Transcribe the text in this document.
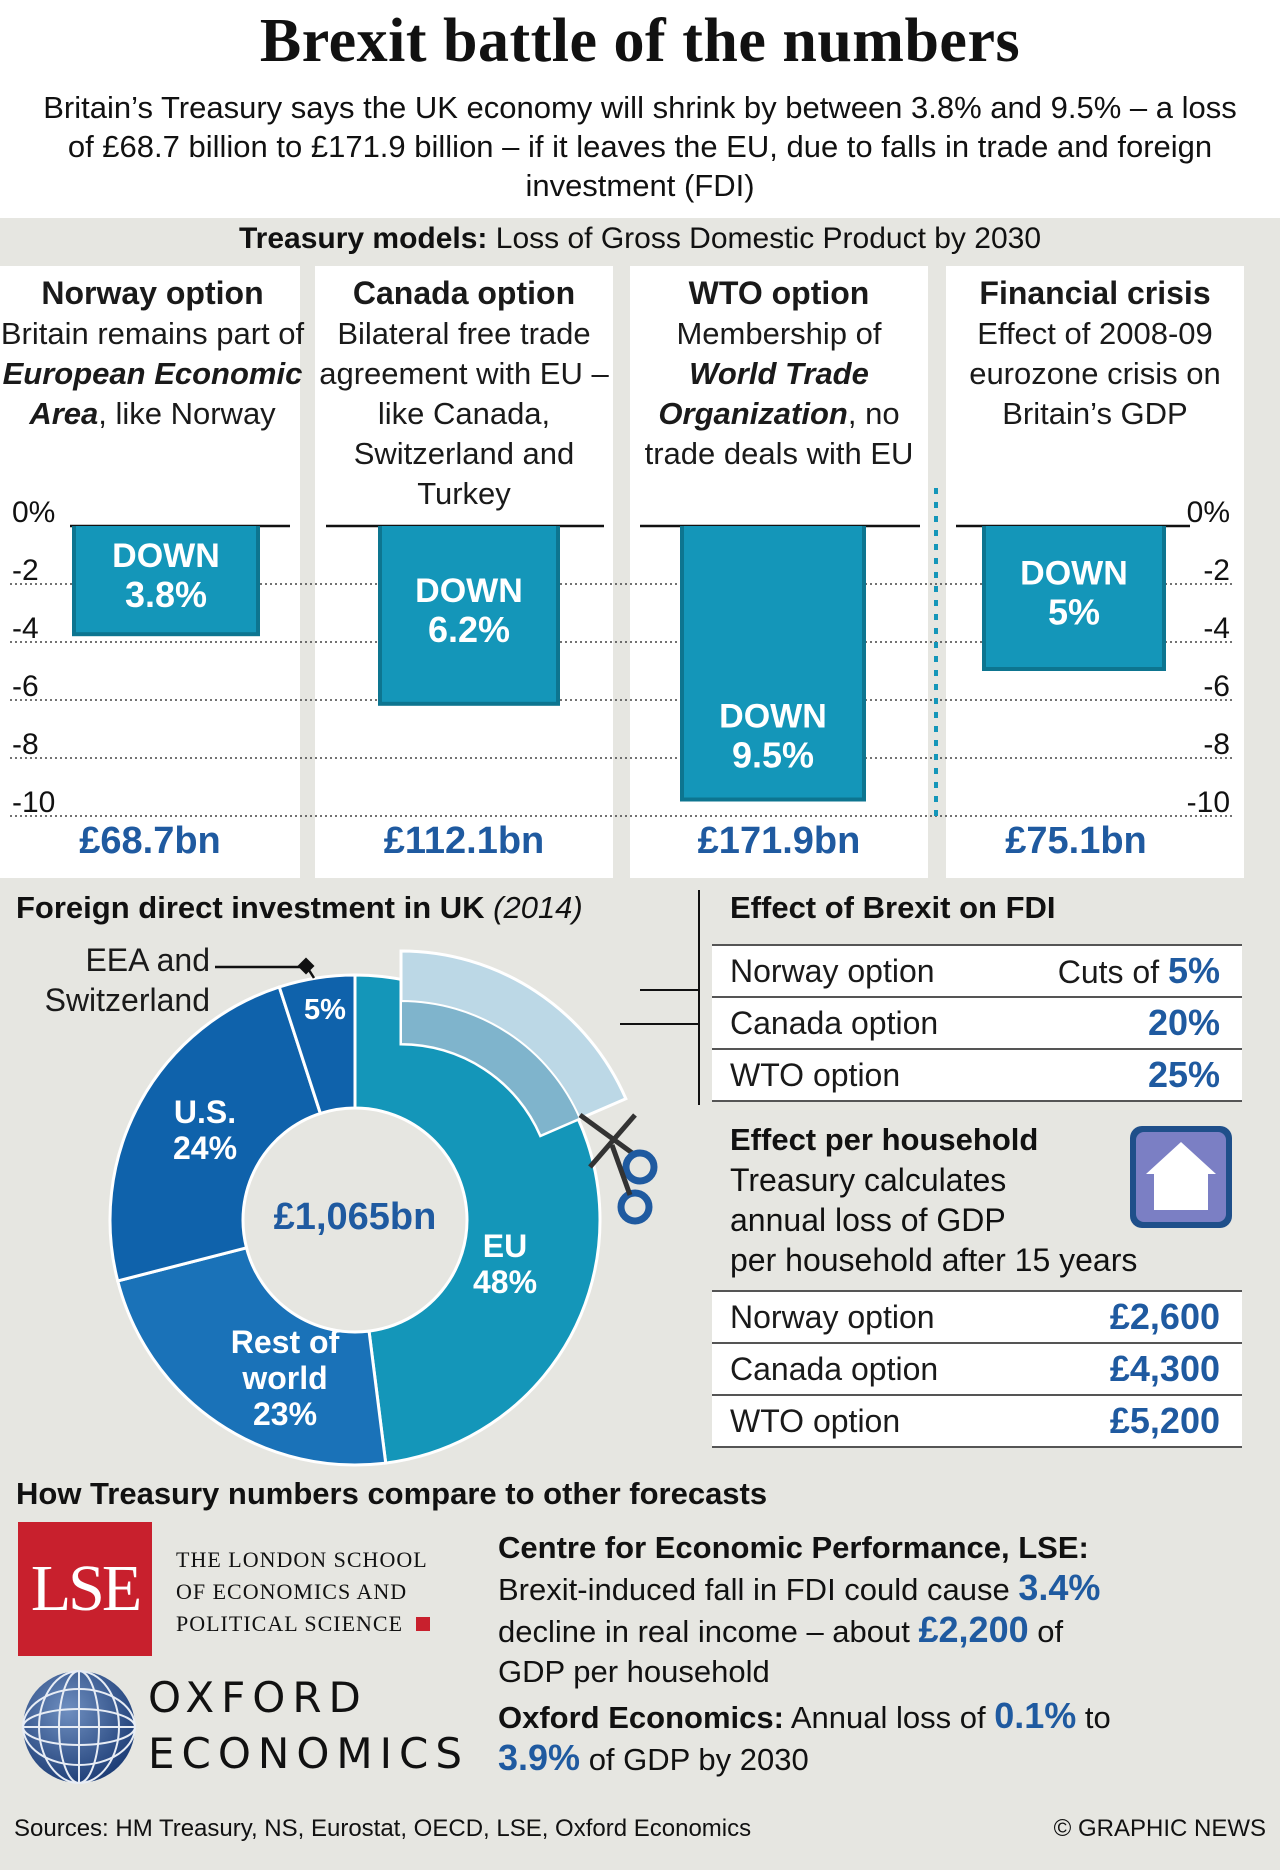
Brexit battle of the numbers
Britain’s Treasury says the UK economy will shrink by between 3.8% and 9.5% – a loss of £68.7 billion to £171.9 billion – if it leaves the EU, due to falls in trade and foreign investment (FDI)
Treasury models: Loss of Gross Domestic Product by 2030
Norway option
Britain remains part of European Economic Area, like Norway
Canada option
Bilateral free trade agreement with EU – like Canada, Switzerland and Turkey
WTO option
Membership of World Trade Organization, no trade deals with EU
Financial crisis
Effect of 2008-09 eurozone crisis on Britain’s GDP
0%	0%
-2	-2
-4	-4
-6	-6
-8	-8
-10	-10
DOWN
3.8%	DOWN
6.2%
DOWN
9.5%
DOWN
5%
£68.7bn	£112.1bn	£171.9bn	£75.1bn
Foreign direct investment in UK (2014)
EEA and Switzerland
£1,065bn
EU
48%
Rest of world
23%
U.S.
24%
5%
Effect of Brexit on FDI
Norway option	Cuts of 5%
Canada option	20%
WTO option	25%
Effect per household
Treasury calculates
annual loss of GDP
per household after 15 years
Norway option	£2,600
Canada option	£4,300
WTO option	£5,200
How Treasury numbers compare to other forecasts
LSE	THE LONDON SCHOOL
OF ECONOMICS AND
POLITICAL SCIENCE
OXFORD
ECONOMICS
Centre for Economic Performance, LSE:
Brexit-induced fall in FDI could cause 3.4%
decline in real income – about £2,200 of
GDP per household
Oxford Economics: Annual loss of 0.1% to
3.9% of GDP by 2030
Sources: HM Treasury, NS, Eurostat, OECD, LSE, Oxford Economics	© GRAPHIC NEWS
